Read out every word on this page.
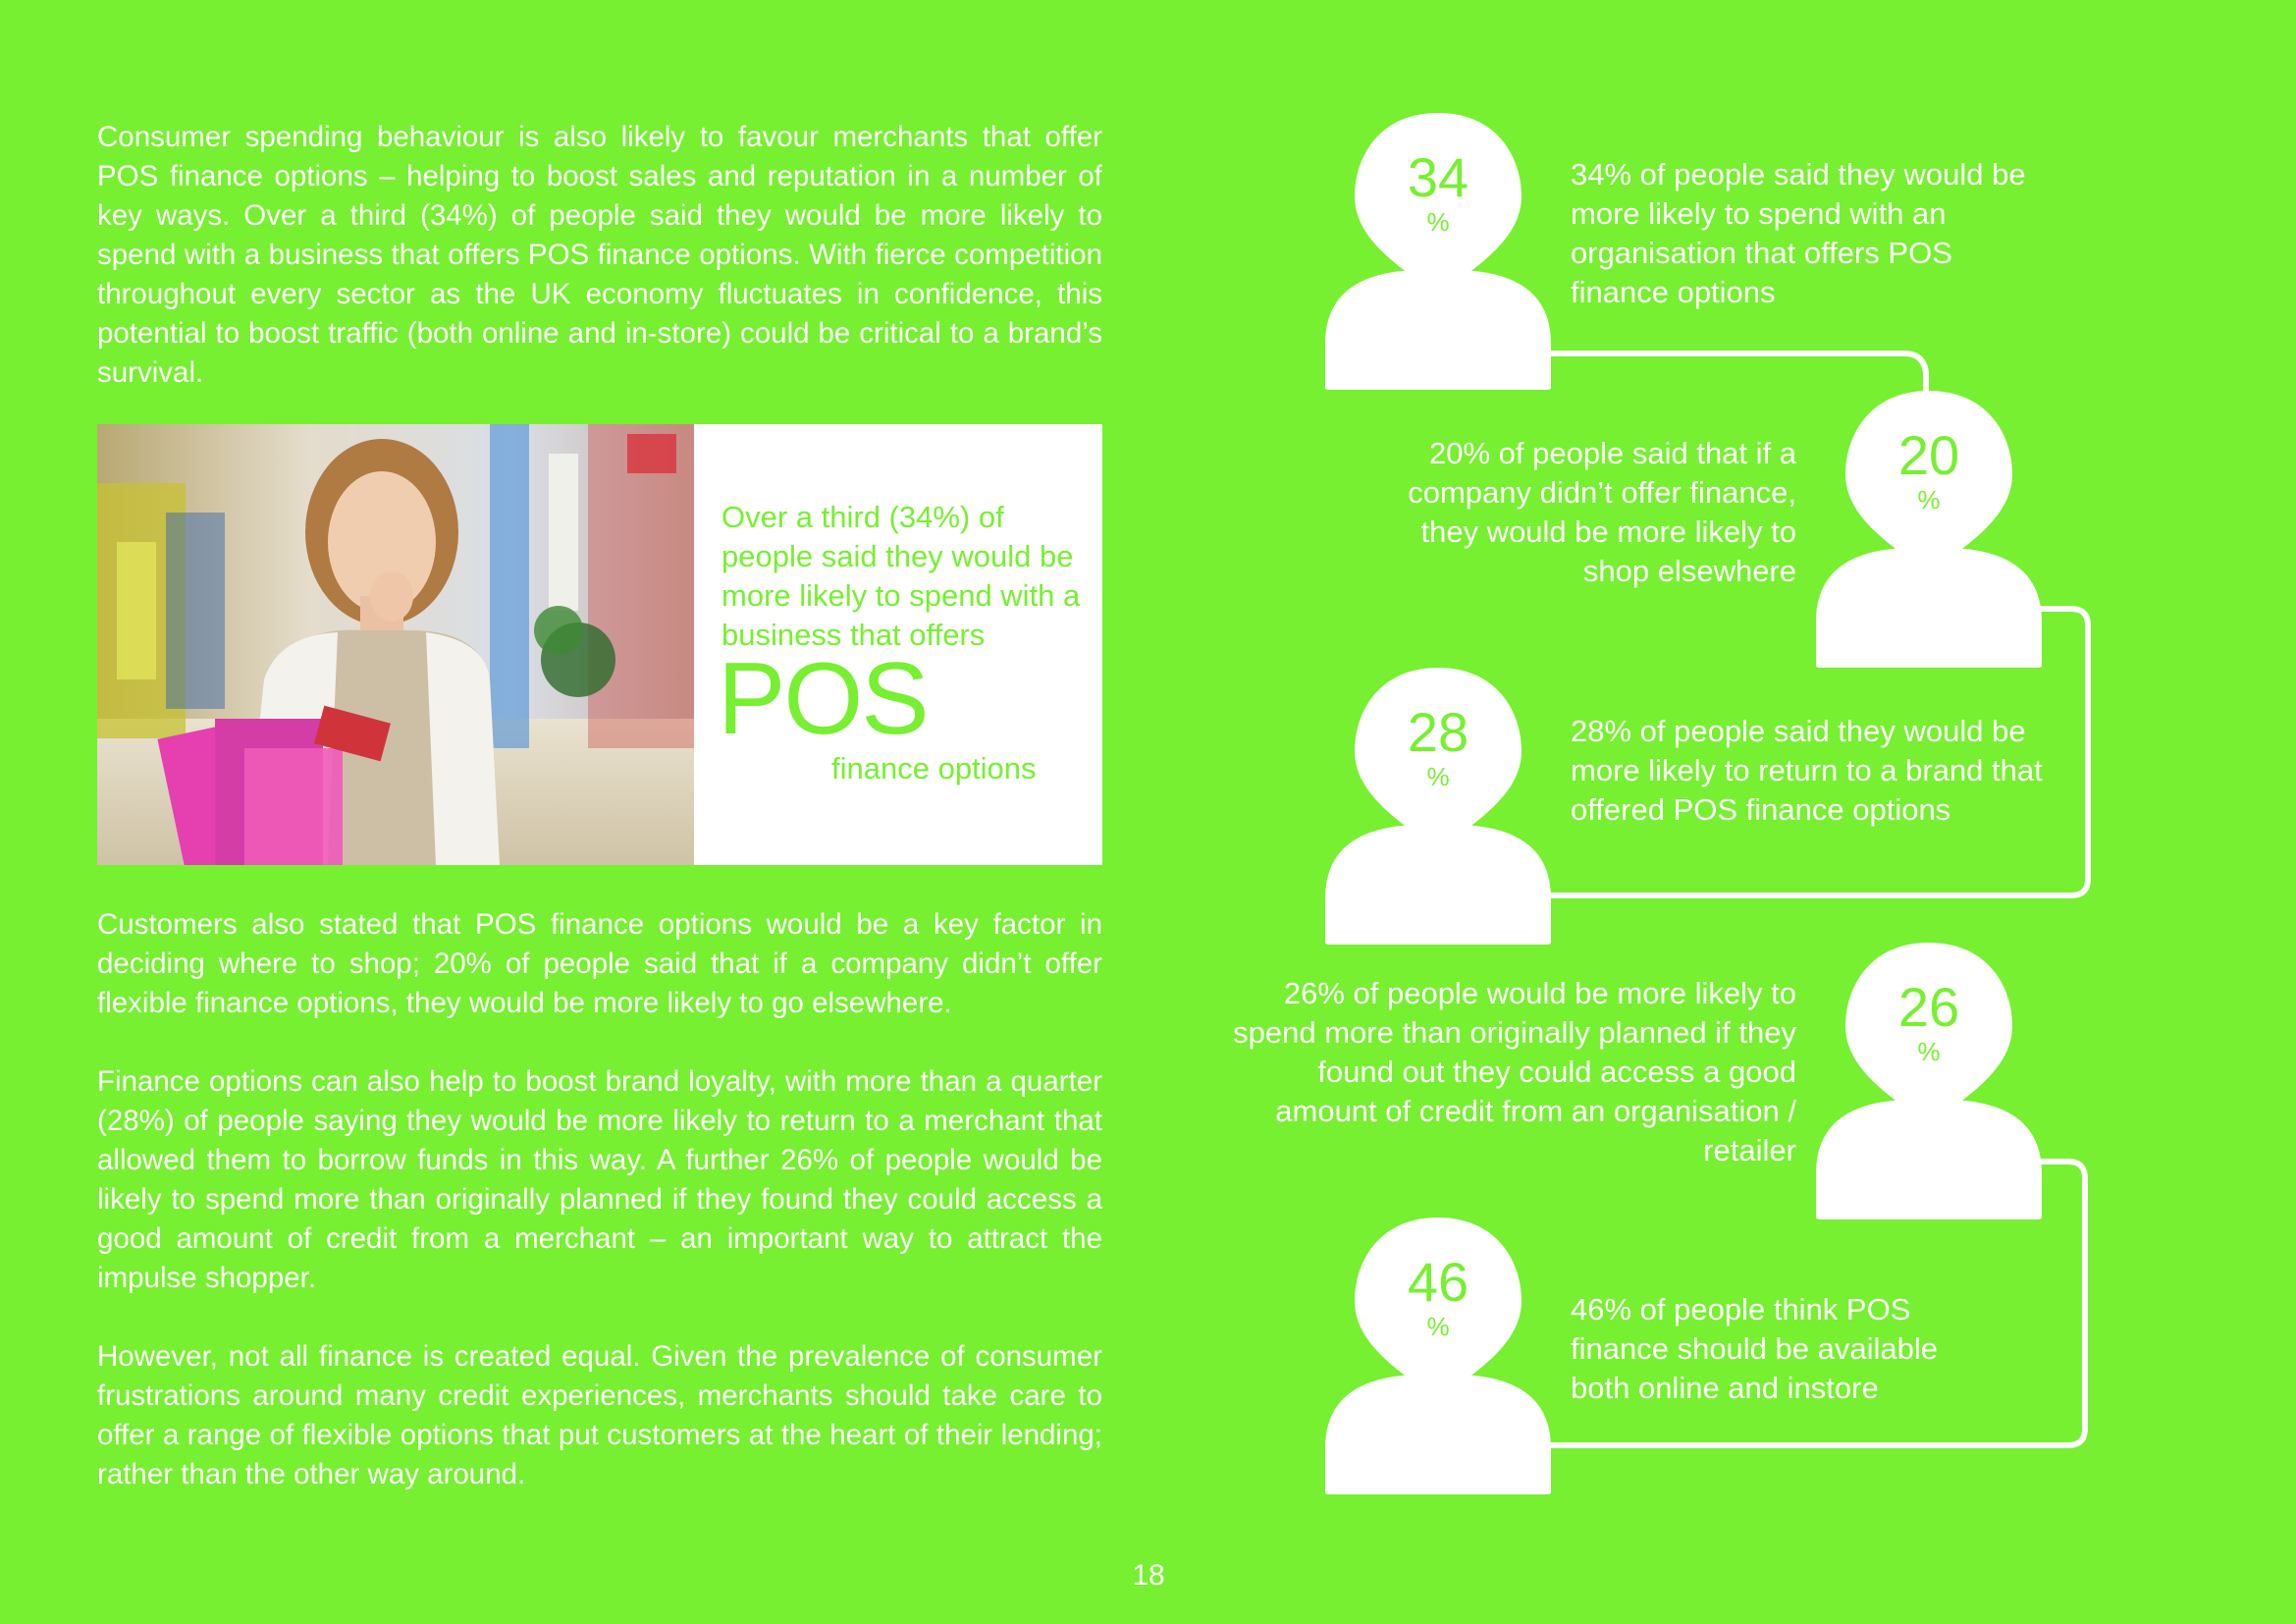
Consumer spending behaviour is also likely to favour merchants that offer POS finance options – helping to boost sales and reputation in a number of key ways. Over a third (34%) of people said they would be more likely to spend with a business that offers POS finance options. With fierce competition throughout every sector as the UK economy fluctuates in confidence, this potential to boost traffic (both online and in-store) could be critical to a brand’s survival.

Over a third (34%) of people said they would be more likely to spend with a business that offers
POS
finance options

Customers also stated that POS finance options would be a key factor in deciding where to shop; 20% of people said that if a company didn’t offer flexible finance options, they would be more likely to go elsewhere.

Finance options can also help to boost brand loyalty, with more than a quarter (28%) of people saying they would be more likely to return to a merchant that allowed them to borrow funds in this way. A further 26% of people would be likely to spend more than originally planned if they found they could access a good amount of credit from a merchant – an important way to attract the impulse shopper.

However, not all finance is created equal. Given the prevalence of consumer frustrations around many credit experiences, merchants should take care to offer a range of flexible options that put customers at the heart of their lending; rather than the other way around.

34
%
20
%
28
%
26
%
46
%

34% of people said they would be more likely to spend with an organisation that offers POS finance options

20% of people said that if a company didn’t offer finance, they would be more likely to shop elsewhere

28% of people said they would be more likely to return to a brand that offered POS finance options

26% of people would be more likely to spend more than originally planned if they found out they could access a good amount of credit from an organisation / retailer

46% of people think POS finance should be available both online and instore

18
